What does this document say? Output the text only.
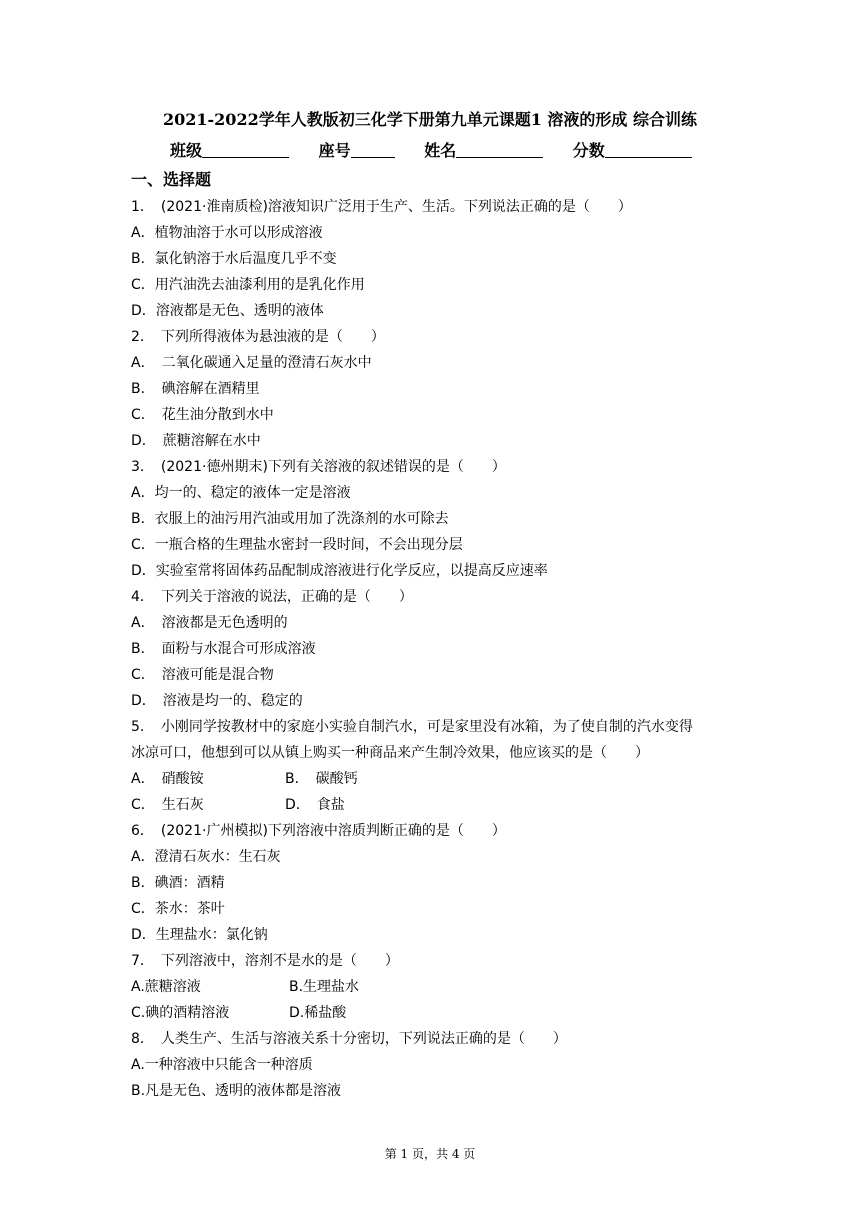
2021-2022学年人教版初三化学下册第九单元课题1 溶液的形成 综合训练
班级	座号	姓名	分数
一、选择题
1．　(2021·淮南质检)溶液知识广泛用于生产、生活。下列说法正确的是（　　）
A．植物油溶于水可以形成溶液
B．氯化钠溶于水后温度几乎不变
C．用汽油洗去油漆利用的是乳化作用
D．溶液都是无色、透明的液体
2．　下列所得液体为悬浊液的是（　　）
A．　二氧化碳通入足量的澄清石灰水中
B．　碘溶解在酒精里
C．　花生油分散到水中
D．　蔗糖溶解在水中
3．　(2021·德州期末)下列有关溶液的叙述错误的是（　　）
A．均一的、稳定的液体一定是溶液
B．衣服上的油污用汽油或用加了洗涤剂的水可除去
C．一瓶合格的生理盐水密封一段时间，不会出现分层
D．实验室常将固体药品配制成溶液进行化学反应，以提高反应速率
4．　下列关于溶液的说法，正确的是（　　）
A．　溶液都是无色透明的
B．　面粉与水混合可形成溶液
C．　溶液可能是混合物
D．　溶液是均一的、稳定的
5．　小刚同学按教材中的家庭小实验自制汽水，可是家里没有冰箱，为了使自制的汽水变得
冰凉可口，他想到可以从镇上购买一种商品来产生制冷效果，他应该买的是（　　）
A．　硝酸铵	B．　碳酸钙
C．　生石灰	D．　食盐
6．　(2021·广州模拟)下列溶液中溶质判断正确的是（　　）
A．澄清石灰水：生石灰
B．碘酒：酒精
C．茶水：茶叶
D．生理盐水：氯化钠
7．　下列溶液中，溶剂不是水的是（　　）
A.蔗糖溶液	B.生理盐水
C.碘的酒精溶液	D.稀盐酸
8．　人类生产、生活与溶液关系十分密切，下列说法正确的是（　　）
A.一种溶液中只能含一种溶质
B.凡是无色、透明的液体都是溶液
第 1 页，共 4 页
